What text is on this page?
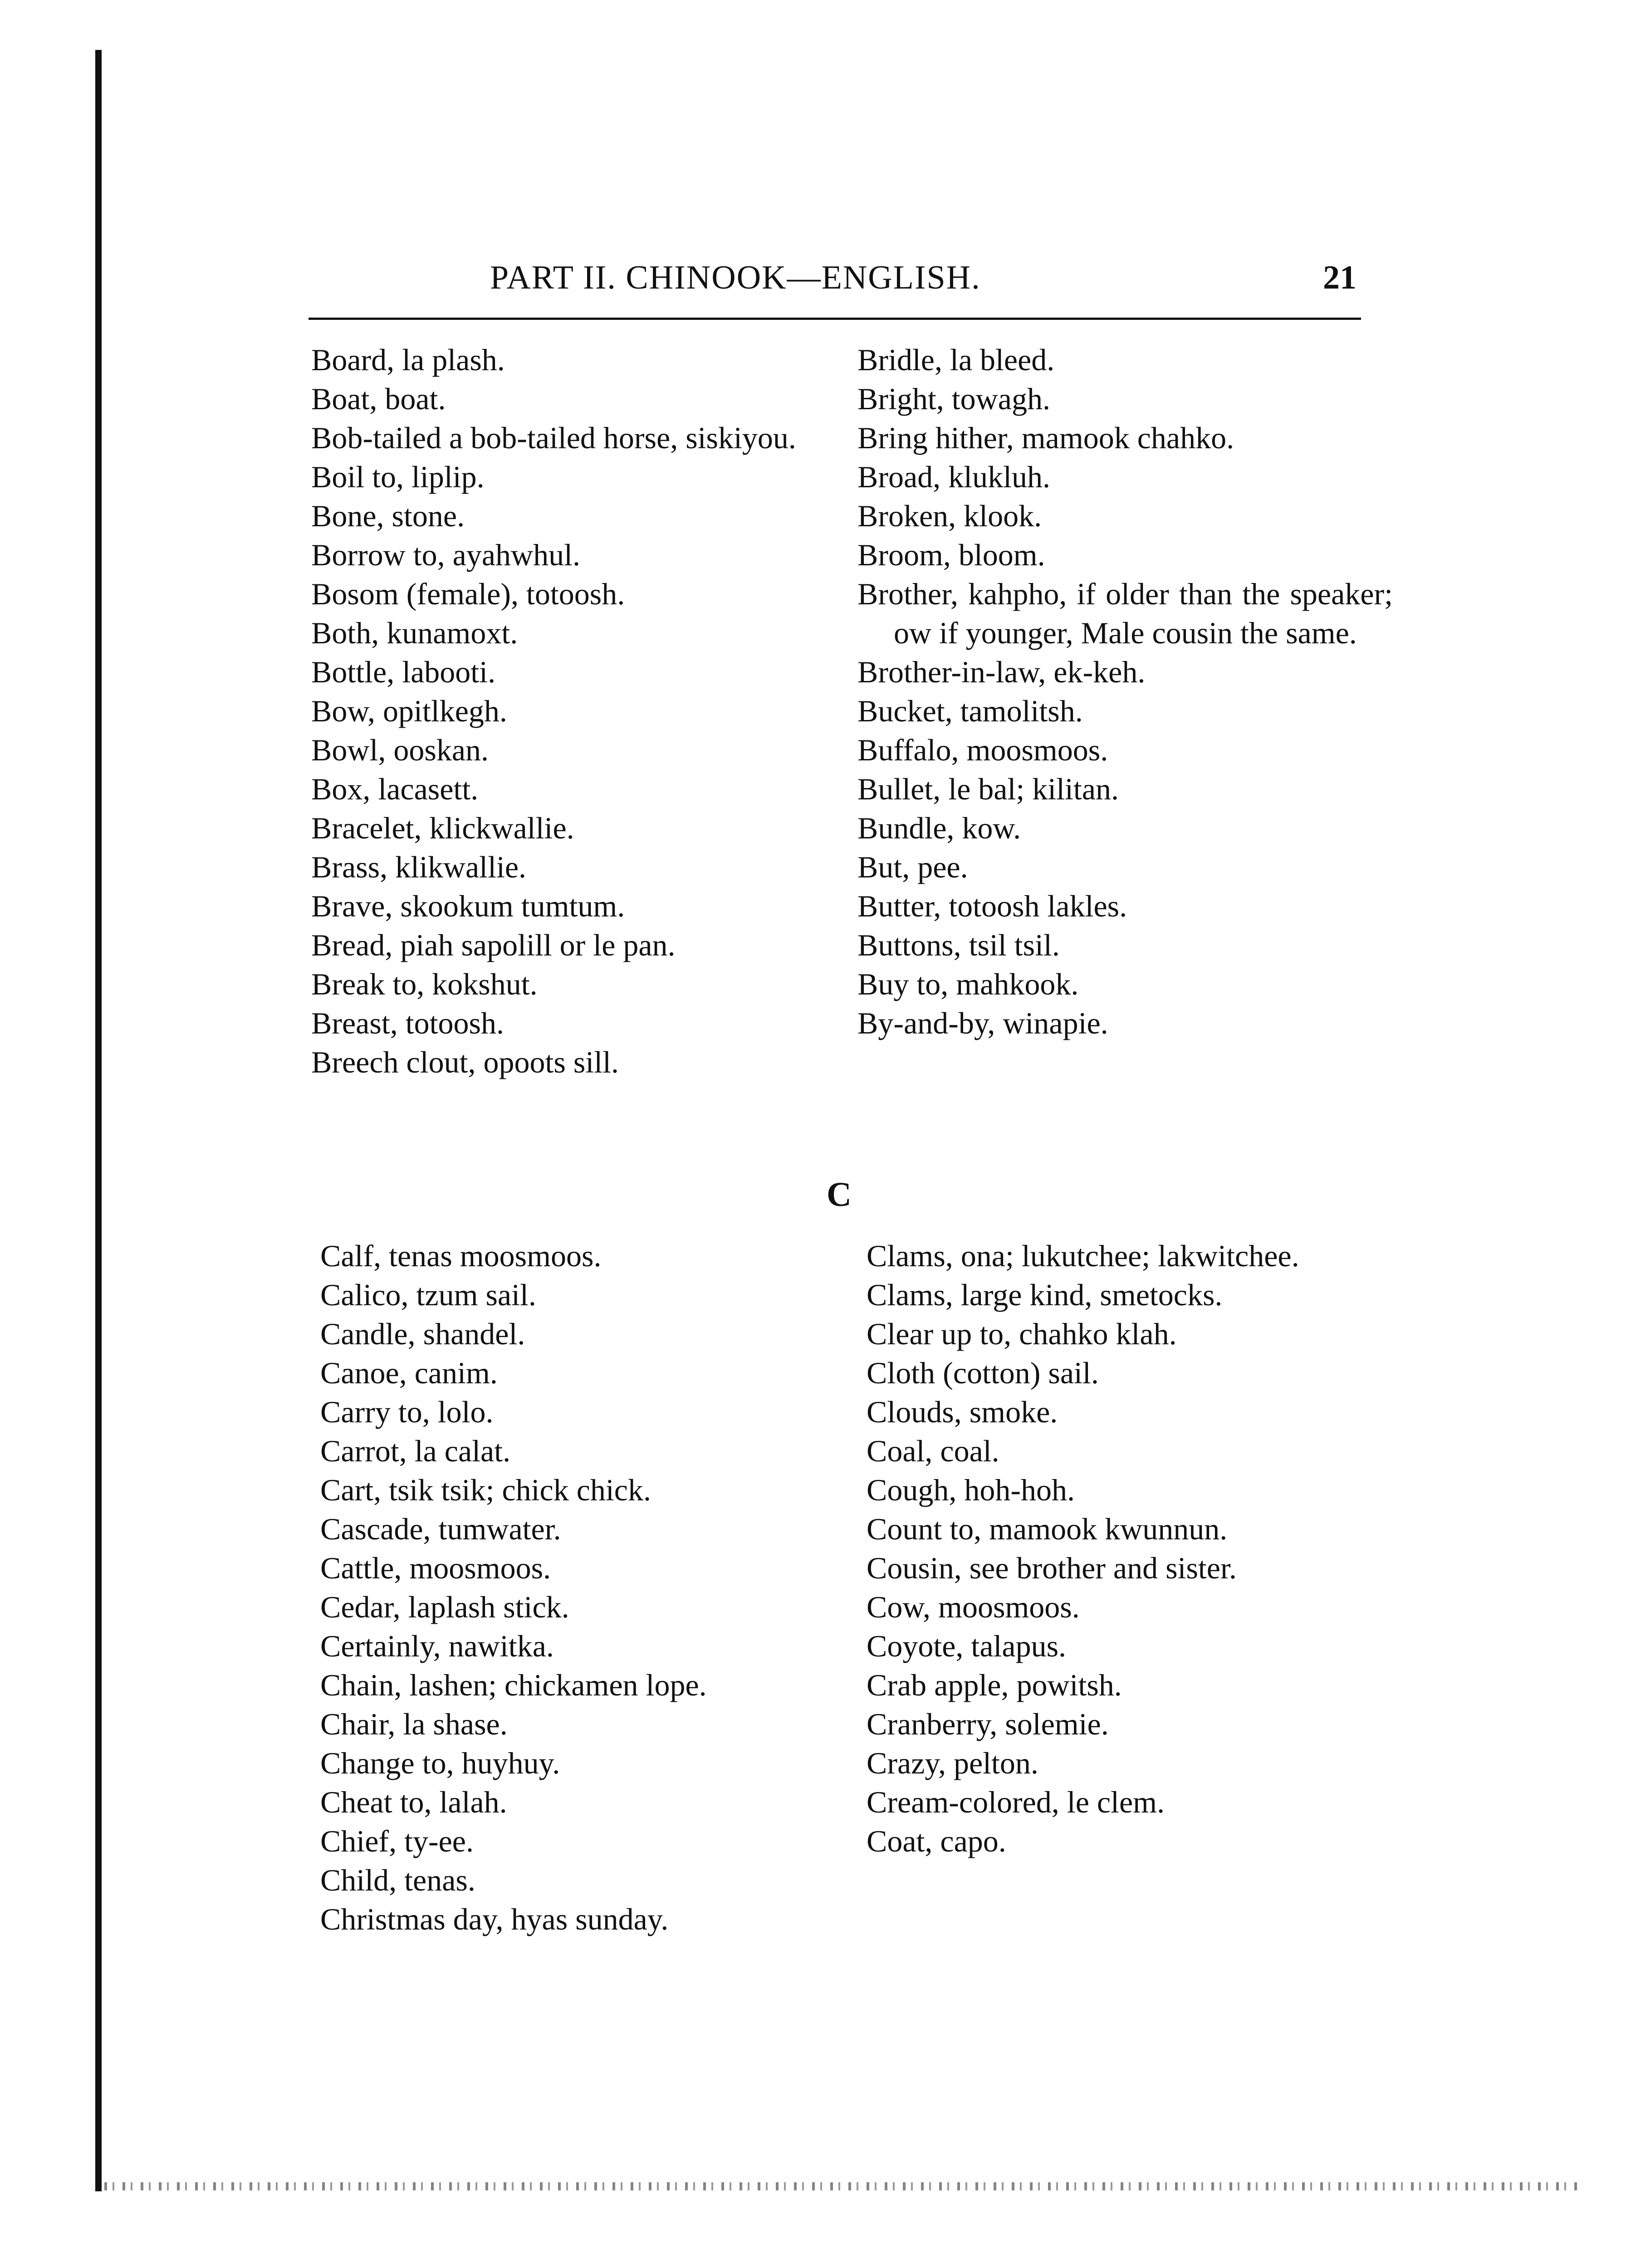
PART II. CHINOOK—ENGLISH.	21

Board, la plash.

Boat, boat.

Bob-tailed a bob-tailed horse, siskiyou.

Boil to, liplip.

Bone, stone.

Borrow to, ayahwhul.

Bosom (female), totoosh.

Both, kunamoxt.

Bottle, labooti.

Bow, opitlkegh.

Bowl, ooskan.

Box, lacasett.

Bracelet, klickwallie.

Brass, klikwallie.

Brave, skookum tumtum.

Bread, piah sapolill or le pan.

Break to, kokshut.

Breast, totoosh.

Breech clout, opoots sill.

Bridle, la bleed.

Bright, towagh.

Bring hither, mamook chahko.

Broad, klukluh.

Broken, klook.

Broom, bloom.

Brother, kahpho, if older than the speaker; ow if younger, Male cousin the same.

Brother-in-law, ek-keh.

Bucket, tamolitsh.

Buffalo, moosmoos.

Bullet, le bal; kilitan.

Bundle, kow.

But, pee.

Butter, totoosh lakles.

Buttons, tsil tsil.

Buy to, mahkook.

By-and-by, winapie.

C

Calf, tenas moosmoos.

Calico, tzum sail.

Candle, shandel.

Canoe, canim.

Carry to, lolo.

Carrot, la calat.

Cart, tsik tsik; chick chick.

Cascade, tumwater.

Cattle, moosmoos.

Cedar, laplash stick.

Certainly, nawitka.

Chain, lashen; chickamen lope.

Chair, la shase.

Change to, huyhuy.

Cheat to, lalah.

Chief, ty-ee.

Child, tenas.

Christmas day, hyas sunday.

Clams, ona; lukutchee; lakwitchee.

Clams, large kind, smetocks.

Clear up to, chahko klah.

Cloth (cotton) sail.

Clouds, smoke.

Coal, coal.

Cough, hoh-hoh.

Count to, mamook kwunnun.

Cousin, see brother and sister.

Cow, moosmoos.

Coyote, talapus.

Crab apple, powitsh.

Cranberry, solemie.

Crazy, pelton.

Cream-colored, le clem.

Coat, capo.
